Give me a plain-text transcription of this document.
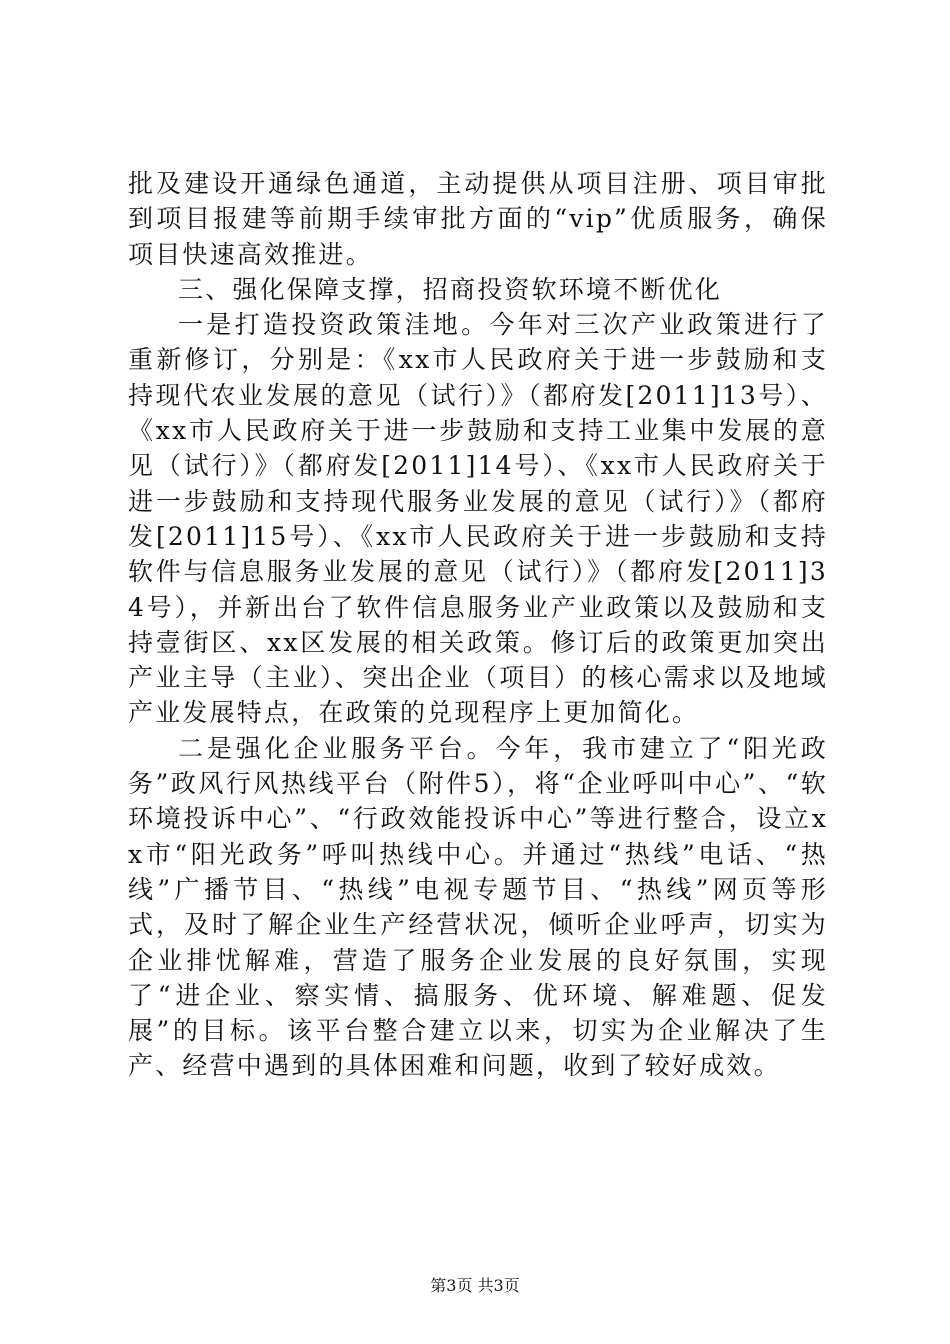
批及建设开通绿色通道，主动提供从项目注册、项目审批到项目报建等前期手续审批方面的“vip”优质服务，确保项目快速高效推进。

三、强化保障支撑，招商投资软环境不断优化

一是打造投资政策洼地。今年对三次产业政策进行了重新修订，分别是：《xx市人民政府关于进一步鼓励和支持现代农业发展的意见（试行）》（都府发[2011]13号）、《xx市人民政府关于进一步鼓励和支持工业集中发展的意见（试行）》（都府发[2011]14号）、《xx市人民政府关于进一步鼓励和支持现代服务业发展的意见（试行）》（都府发[2011]15号）、《xx市人民政府关于进一步鼓励和支持软件与信息服务业发展的意见（试行）》（都府发[2011]34号），并新出台了软件信息服务业产业政策以及鼓励和支持壹街区、xx区发展的相关政策。修订后的政策更加突出产业主导（主业）、突出企业（项目）的核心需求以及地域产业发展特点，在政策的兑现程序上更加简化。

二是强化企业服务平台。今年，我市建立了“阳光政务”政风行风热线平台（附件5），将“企业呼叫中心”、“软环境投诉中心”、“行政效能投诉中心”等进行整合，设立xx市“阳光政务”呼叫热线中心。并通过“热线”电话、“热线”广播节目、“热线”电视专题节目、“热线”网页等形式，及时了解企业生产经营状况，倾听企业呼声，切实为企业排忧解难，营造了服务企业发展的良好氛围，实现了“进企业、察实情、搞服务、优环境、解难题、促发展”的目标。该平台整合建立以来，切实为企业解决了生产、经营中遇到的具体困难和问题，收到了较好成效。

第3页 共3页
